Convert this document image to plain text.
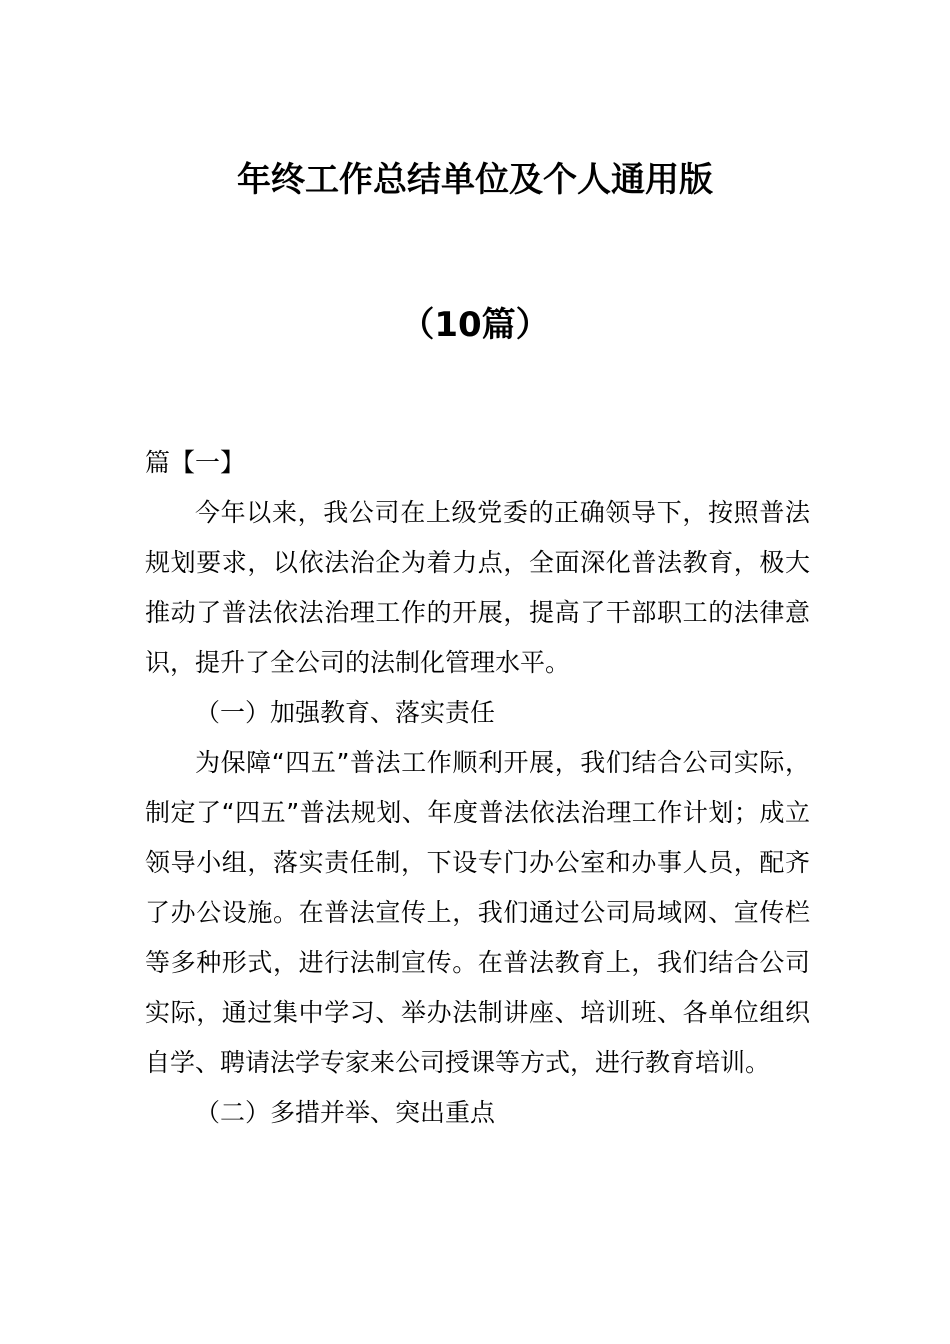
年终工作总结单位及个人通用版
（10篇）

篇【一】

今年以来，我公司在上级党委的正确领导下，按照普法规划要求，以依法治企为着力点，全面深化普法教育，极大推动了普法依法治理工作的开展，提高了干部职工的法律意识，提升了全公司的法制化管理水平。

（一）加强教育、落实责任

为保障“四五”普法工作顺利开展，我们结合公司实际，制定了“四五”普法规划、年度普法依法治理工作计划；成立领导小组，落实责任制，下设专门办公室和办事人员，配齐了办公设施。在普法宣传上，我们通过公司局域网、宣传栏等多种形式，进行法制宣传。在普法教育上，我们结合公司实际，通过集中学习、举办法制讲座、培训班、各单位组织自学、聘请法学专家来公司授课等方式，进行教育培训。

（二）多措并举、突出重点
